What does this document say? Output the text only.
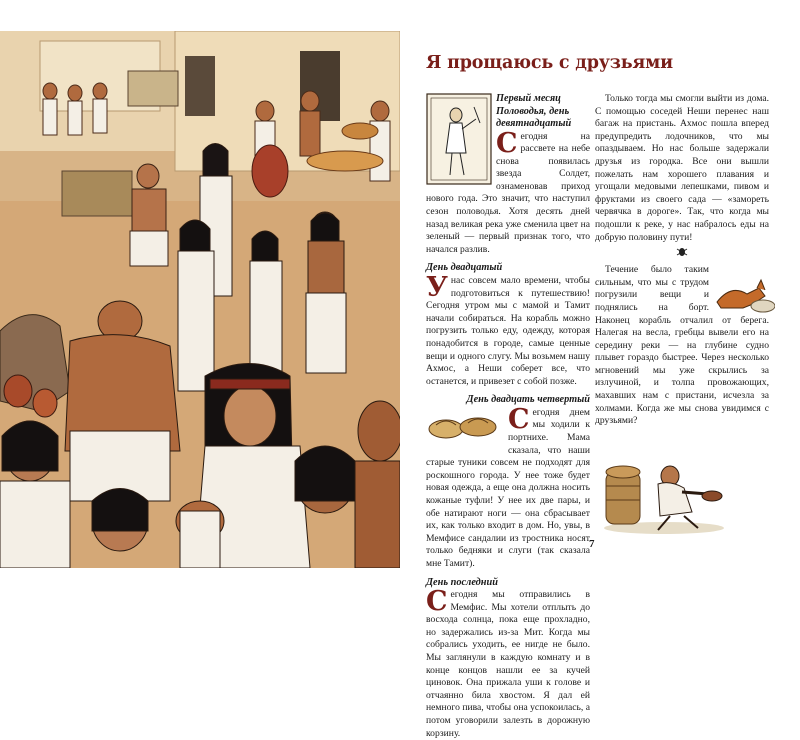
Я прощаюсь с друзьями

Первый месяц Половодья, день девятнадцатый

Сегодня на рассвете на небе снова появилась звезда Солдет, ознаменовав приход нового года. Это значит, что наступил сезон половодья. Хотя десять дней назад великая река уже сменила цвет на зеленый — первый признак того, что начался разлив.

День двадцатый

Унас совсем мало времени, чтобы подготовиться к путешествию! Сегодня утром мы с мамой и Тамит начали собираться. На корабль можно погрузить только еду, одежду, которая понадобится в городе, самые ценные вещи и одного слугу. Мы возьмем нашу Ахмос, а Неши соберет все, что останется, и привезет с собой позже.

День двадцать четвертый

Сегодня днем мы ходили к портнихе. Мама сказала, что наши старые туники совсем не подходят для роскошного города. У нее тоже будет новая одежда, а еще она должна носить кожаные туфли! У нее их две пары, и обе натирают ноги — она сбрасывает их, как только входит в дом. Но, увы, в Мемфисе сандалии из тростника носят только бедняки и слуги (так сказала мне Тамит).

День последний

Сегодня мы отправились в Мемфис. Мы хотели отплыть до восхода солнца, пока еще прохладно, но задержались из-за Мит. Когда мы собрались уходить, ее нигде не было. Мы заглянули в каждую комнату и в конце концов нашли ее за кучей циновок. Она прижала уши к голове и отчаянно била хвостом. Я дал ей немного пива, чтобы она успокоилась, а потом уговорили залезть в дорожную корзину.

Только тогда мы смогли выйти из дома. С помощью соседей Неши перенес наш багаж на пристань. Ахмос пошла вперед предупредить лодочников, что мы опаздываем. Но нас больше задержали друзья из городка. Все они вышли пожелать нам хорошего плавания и угощали медовыми лепешками, пивом и фруктами из своего сада — «замореть червячка в дороге». Так, что когда мы подошли к реке, у нас набралось еды на добрую половину пути!

Течение было таким сильным, что мы с трудом погрузили вещи и поднялись на борт. Наконец корабль отчалил от берега. Налегая на весла, гребцы вывели его на середину реки — на глубине судно плывет гораздо быстрее. Через несколько мгновений мы уже скрылись за излучиной, и толпа провожающих, махавших нам с пристани, исчезла за холмами. Когда же мы снова увидимся с друзьями?

7
